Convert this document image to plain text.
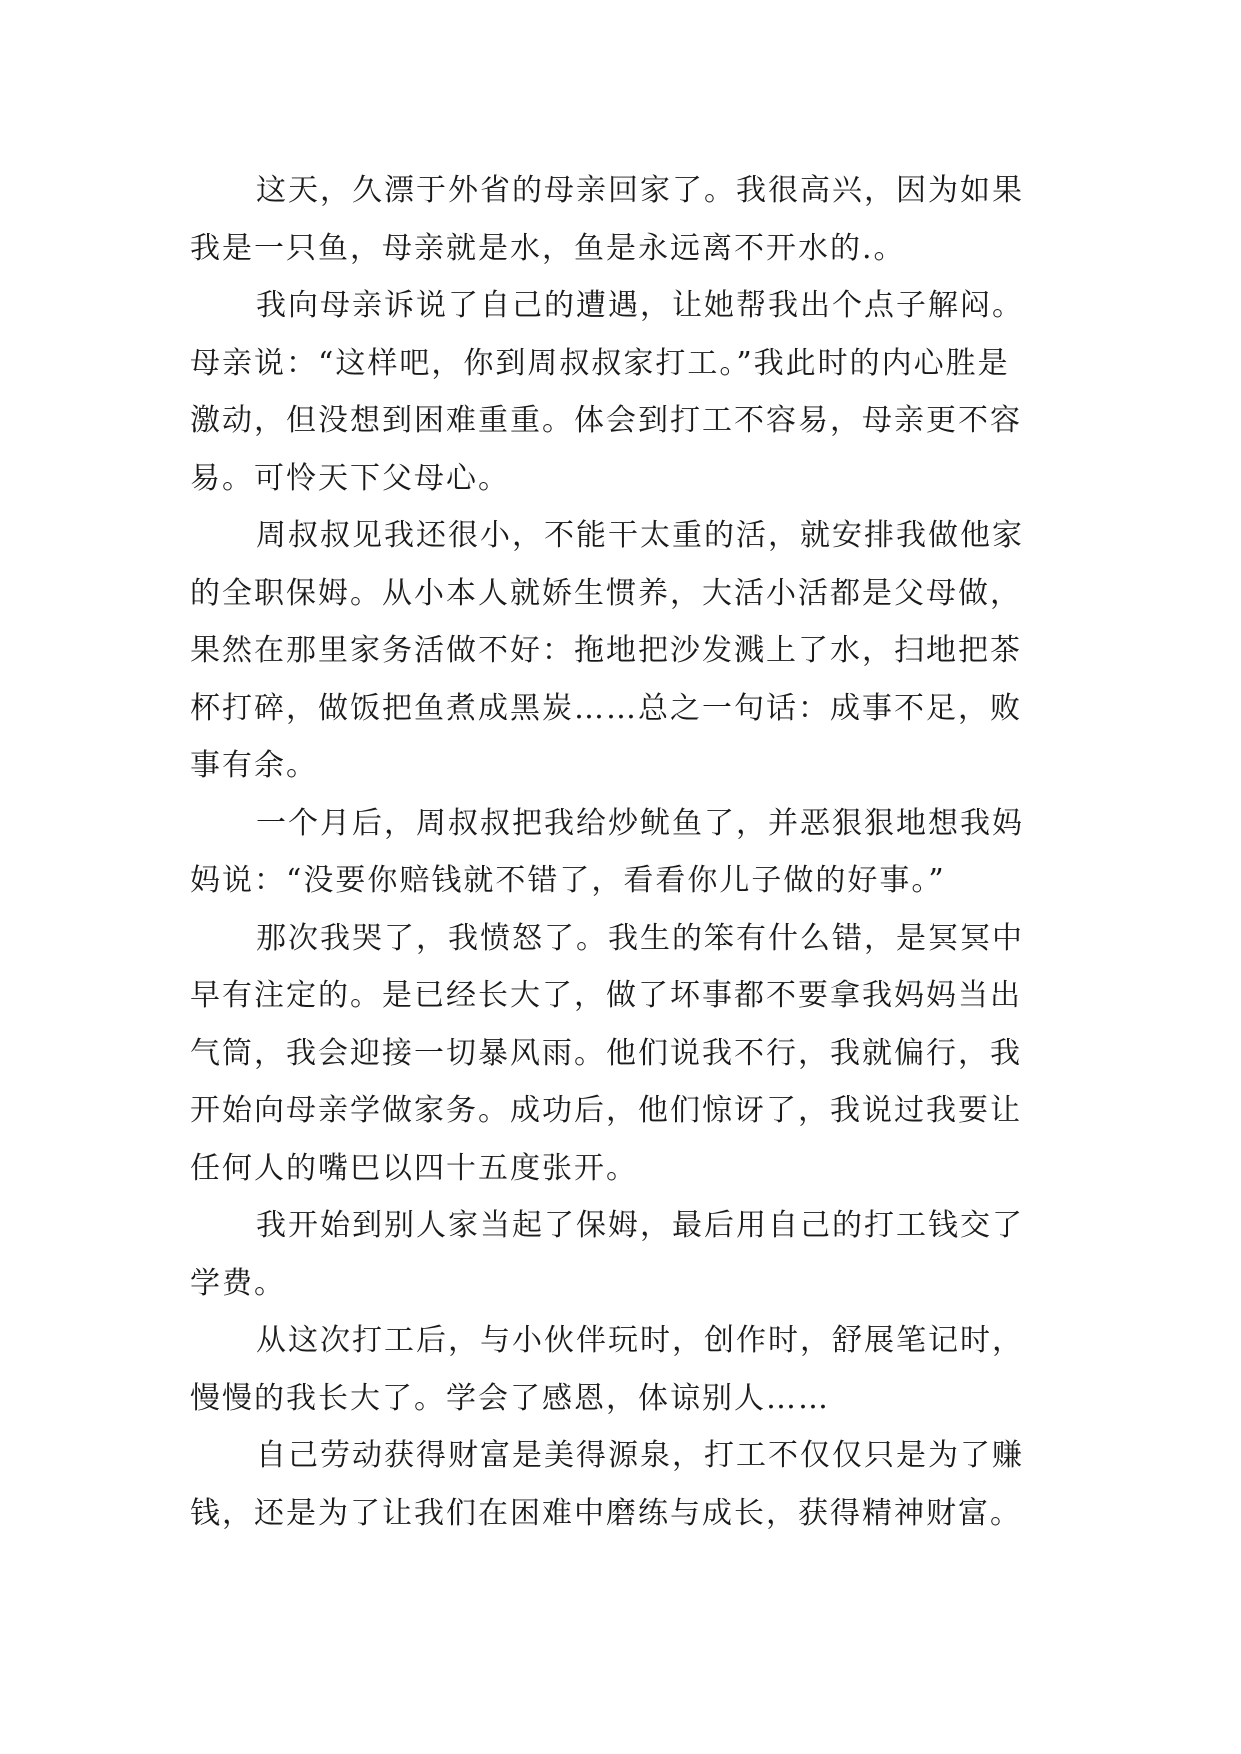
这天，久漂于外省的母亲回家了。我很高兴，因为如果
我是一只鱼，母亲就是水，鱼是永远离不开水的.。
我向母亲诉说了自己的遭遇，让她帮我出个点子解闷。
母亲说：“这样吧，你到周叔叔家打工。”我此时的内心胜是
激动，但没想到困难重重。体会到打工不容易，母亲更不容
易。可怜天下父母心。
周叔叔见我还很小，不能干太重的活，就安排我做他家
的全职保姆。从小本人就娇生惯养，大活小活都是父母做，
果然在那里家务活做不好：拖地把沙发溅上了水，扫地把茶
杯打碎，做饭把鱼煮成黑炭……总之一句话：成事不足，败
事有余。
一个月后，周叔叔把我给炒鱿鱼了，并恶狠狠地想我妈
妈说：“没要你赔钱就不错了，看看你儿子做的好事。”
那次我哭了，我愤怒了。我生的笨有什么错，是冥冥中
早有注定的。是已经长大了，做了坏事都不要拿我妈妈当出
气筒，我会迎接一切暴风雨。他们说我不行，我就偏行，我
开始向母亲学做家务。成功后，他们惊讶了，我说过我要让
任何人的嘴巴以四十五度张开。
我开始到别人家当起了保姆，最后用自己的打工钱交了
学费。
从这次打工后，与小伙伴玩时，创作时，舒展笔记时，
慢慢的我长大了。学会了感恩，体谅别人……
自己劳动获得财富是美得源泉，打工不仅仅只是为了赚
钱，还是为了让我们在困难中磨练与成长，获得精神财富。
